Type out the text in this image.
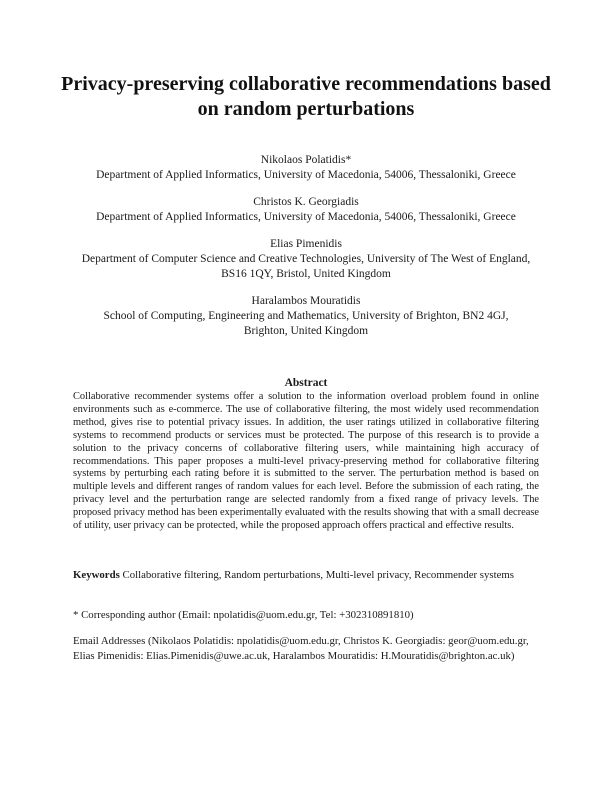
Privacy-preserving collaborative recommendations based on random perturbations
Nikolaos Polatidis*
Department of Applied Informatics, University of Macedonia, 54006, Thessaloniki, Greece
Christos K. Georgiadis
Department of Applied Informatics, University of Macedonia, 54006, Thessaloniki, Greece
Elias Pimenidis
Department of Computer Science and Creative Technologies, University of The West of England, BS16 1QY, Bristol, United Kingdom
Haralambos Mouratidis
School of Computing, Engineering and Mathematics, University of Brighton, BN2 4GJ, Brighton, United Kingdom
Abstract
Collaborative recommender systems offer a solution to the information overload problem found in online environments such as e-commerce. The use of collaborative filtering, the most widely used recommendation method, gives rise to potential privacy issues. In addition, the user ratings utilized in collaborative filtering systems to recommend products or services must be protected. The purpose of this research is to provide a solution to the privacy concerns of collaborative filtering users, while maintaining high accuracy of recommendations. This paper proposes a multi-level privacy-preserving method for collaborative filtering systems by perturbing each rating before it is submitted to the server. The perturbation method is based on multiple levels and different ranges of random values for each level. Before the submission of each rating, the privacy level and the perturbation range are selected randomly from a fixed range of privacy levels. The proposed privacy method has been experimentally evaluated with the results showing that with a small decrease of utility, user privacy can be protected, while the proposed approach offers practical and effective results.
Keywords Collaborative filtering, Random perturbations, Multi-level privacy, Recommender systems
* Corresponding author (Email: npolatidis@uom.edu.gr, Tel: +302310891810)
Email Addresses (Nikolaos Polatidis: npolatidis@uom.edu.gr, Christos K. Georgiadis: geor@uom.edu.gr,
Elias Pimenidis: Elias.Pimenidis@uwe.ac.uk, Haralambos Mouratidis: H.Mouratidis@brighton.ac.uk)
